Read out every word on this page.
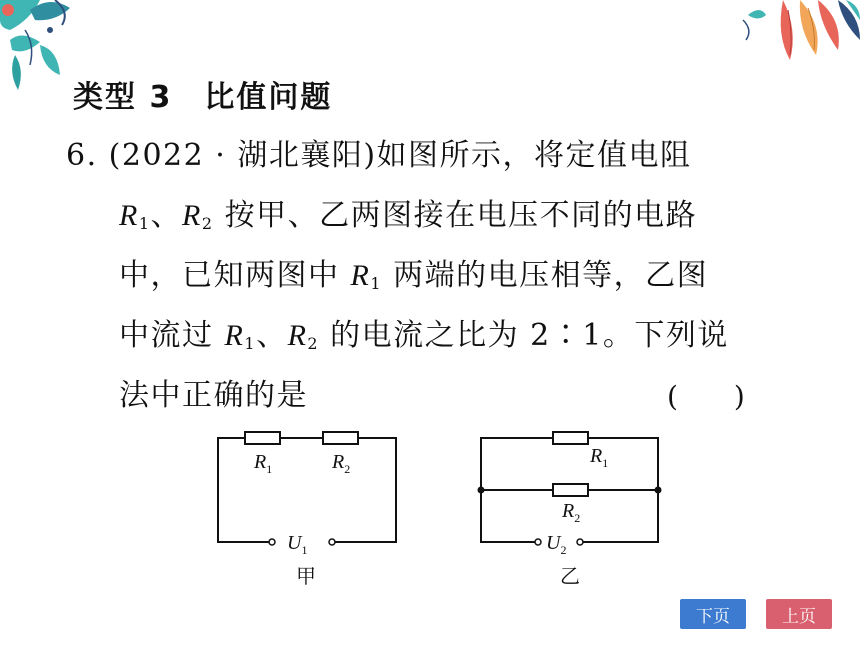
类型 3　比值问题
6. (2022 · 湖北襄阳)如图所示，将定值电阻
$R_1$、$R_2$ 按甲、乙两图接在电压不同的电路
中，已知两图中 $R_1$ 两端的电压相等，乙图
中流过 $R_1$、$R_2$ 的电流之比为 2∶1。下列说
法中正确的是	(　　)
$R_1$	$R_2$
$U_1$
甲
$R_1$
$R_2$
$U_2$
乙
下页	上页
